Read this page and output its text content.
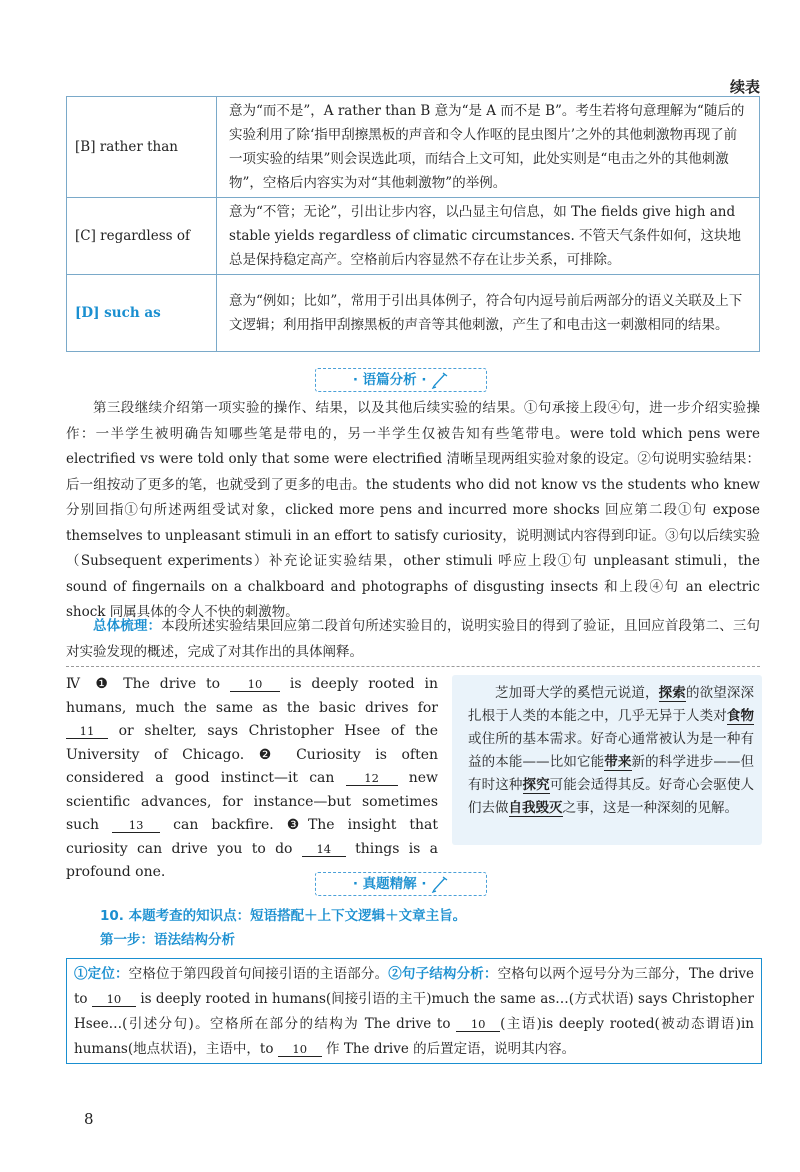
续表
[B] rather than	意为“而不是”，A rather than B 意为“是 A 而不是 B”。考生若将句意理解为“随后的实验利用了除‘指甲刮擦黑板的声音和令人作呕的昆虫图片’之外的其他刺激物再现了前一项实验的结果”则会误选此项，而结合上文可知，此处实则是“电击之外的其他刺激物”，空格后内容实为对“其他刺激物”的举例。
[C] regardless of	意为“不管；无论”，引出让步内容，以凸显主句信息，如 The fields give high and stable yields regardless of climatic circumstances. 不管天气条件如何，这块地总是保持稳定高产。空格前后内容显然不存在让步关系，可排除。
[D] such as	意为“例如；比如”，常用于引出具体例子，符合句内逗号前后两部分的语义关联及上下文逻辑；利用指甲刮擦黑板的声音等其他刺激，产生了和电击这一刺激相同的结果。
· 语篇分析 ·
第三段继续介绍第一项实验的操作、结果，以及其他后续实验的结果。①句承接上段④句，进一步介绍实验操作：一半学生被明确告知哪些笔是带电的，另一半学生仅被告知有些笔带电。were told which pens were electrified vs were told only that some were electrified 清晰呈现两组实验对象的设定。②句说明实验结果：后一组按动了更多的笔，也就受到了更多的电击。the students who did not know vs the students who knew 分别回指①句所述两组受试对象，clicked more pens and incurred more shocks 回应第二段①句 expose themselves to unpleasant stimuli in an effort to satisfy curiosity，说明测试内容得到印证。③句以后续实验（Subsequent experiments）补充论证实验结果，other stimuli 呼应上段①句 unpleasant stimuli，the sound of fingernails on a chalkboard and photographs of disgusting insects 和上段④句 an electric shock 同属具体的令人不快的刺激物。
总体梳理：本段所述实验结果回应第二段首句所述实验目的，说明实验目的得到了验证，且回应首段第二、三句对实验发现的概述，完成了对其作出的具体阐释。
Ⅳ ❶ The drive to 10 is deeply rooted in humans, much the same as the basic drives for 11 or shelter, says Christopher Hsee of the University of Chicago. ❷ Curiosity is often considered a good instinct—it can	12 new scientific advances, for instance—but sometimes such	13 can backfire. ❸The insight that curiosity can drive you to do 14 things is a profound one.
芝加哥大学的奚恺元说道，探索的欲望深深扎根于人类的本能之中，几乎无异于人类对食物或住所的基本需求。好奇心通常被认为是一种有益的本能——比如它能带来新的科学进步——但有时这种探究可能会适得其反。好奇心会驱使人们去做自我毁灭之事，这是一种深刻的见解。
· 真题精解 ·
10. 本题考查的知识点：短语搭配＋上下文逻辑＋文章主旨。
第一步：语法结构分析
①定位：空格位于第四段首句间接引语的主语部分。②句子结构分析：空格句以两个逗号分为三部分，The drive to 10 is deeply rooted in humans(间接引语的主干)much the same as…(方式状语) says Christopher Hsee…(引述分句)。空格所在部分的结构为 The drive to 10 (主语)is deeply rooted(被动态谓语)in humans(地点状语)，主语中，to 10 作 The drive 的后置定语，说明其内容。
8
